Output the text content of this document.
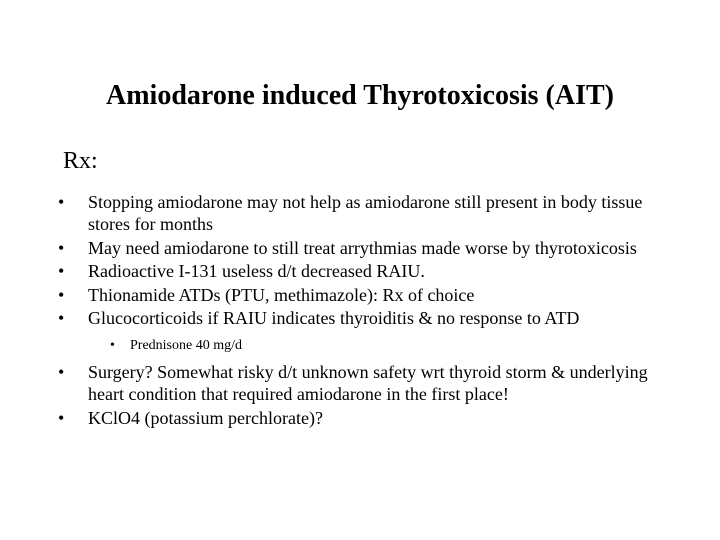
Amiodarone induced Thyrotoxicosis (AIT)
Rx:
•	Stopping amiodarone may not help as amiodarone still present in body tissue stores for months
•	May need amiodarone to still treat arrythmias made worse by thyrotoxicosis
•	Radioactive I-131 useless d/t decreased RAIU.
•	Thionamide ATDs (PTU, methimazole): Rx of choice
•	Glucocorticoids if RAIU indicates thyroiditis & no response to ATD
• Prednisone 40 mg/d
•	Surgery? Somewhat risky d/t unknown safety wrt thyroid storm & underlying heart condition that required amiodarone in the first place!
•	KClO4 (potassium perchlorate)?
